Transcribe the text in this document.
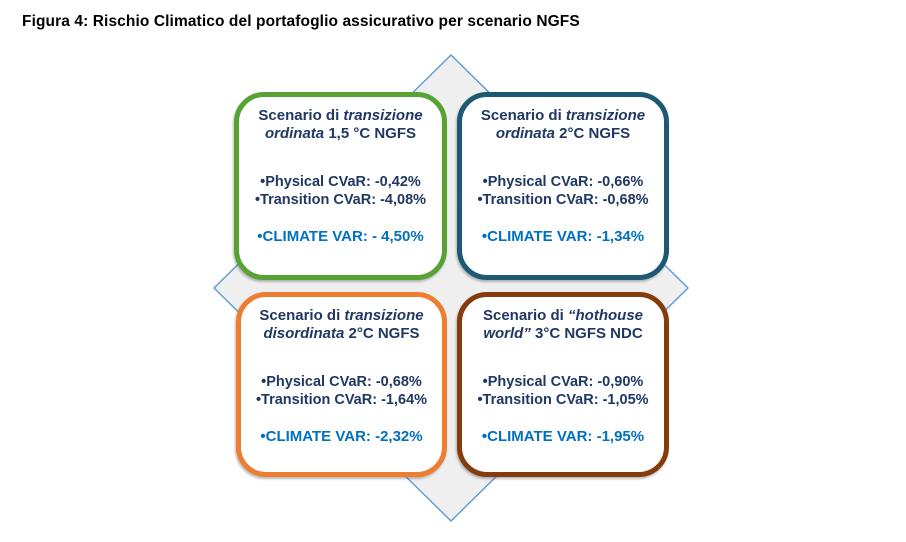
Figura 4: Rischio Climatico del portafoglio assicurativo per scenario NGFS
Scenario di transizione
ordinata 1,5 °C NGFS
•Physical CVaR: -0,42%
•Transition CVaR: -4,08%
•CLIMATE VAR: - 4,50%
Scenario di transizione
ordinata 2°C NGFS
•Physical CVaR: -0,66%
•Transition CVaR: -0,68%
•CLIMATE VAR: -1,34%
Scenario di transizione
disordinata 2°C NGFS
•Physical CVaR: -0,68%
•Transition CVaR: -1,64%
•CLIMATE VAR: -2,32%
Scenario di “hothouse
world” 3°C NGFS NDC
•Physical CVaR: -0,90%
•Transition CVaR: -1,05%
•CLIMATE VAR: -1,95%
